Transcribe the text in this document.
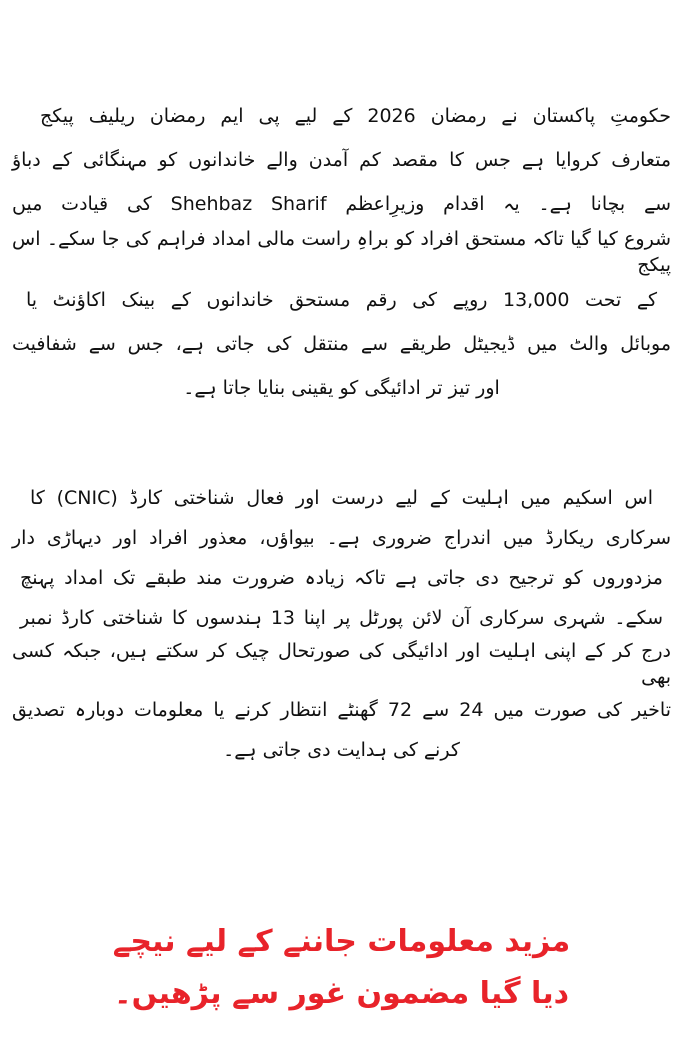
حکومتِ پاکستان نے رمضان 2026 کے لیے پی ایم رمضان ریلیف پیکج
متعارف کروایا ہے جس کا مقصد کم آمدن والے خاندانوں کو مہنگائی کے دباؤ
سے بچانا ہے۔ یہ اقدام وزیرِاعظم Shehbaz Sharif کی قیادت میں
شروع کیا گیا تاکہ مستحق افراد کو براہِ راست مالی امداد فراہم کی جا سکے۔ اس پیکج
کے تحت 13,000 روپے کی رقم مستحق خاندانوں کے بینک اکاؤنٹ یا
موبائل والٹ میں ڈیجیٹل طریقے سے منتقل کی جاتی ہے، جس سے شفافیت
اور تیز تر ادائیگی کو یقینی بنایا جاتا ہے۔
اس اسکیم میں اہلیت کے لیے درست اور فعال شناختی کارڈ (CNIC) کا
سرکاری ریکارڈ میں اندراج ضروری ہے۔ بیواؤں، معذور افراد اور دیہاڑی دار
مزدوروں کو ترجیح دی جاتی ہے تاکہ زیادہ ضرورت مند طبقے تک امداد پہنچ
سکے۔ شہری سرکاری آن لائن پورٹل پر اپنا 13 ہندسوں کا شناختی کارڈ نمبر
درج کر کے اپنی اہلیت اور ادائیگی کی صورتحال چیک کر سکتے ہیں، جبکہ کسی بھی
تاخیر کی صورت میں 24 سے 72 گھنٹے انتظار کرنے یا معلومات دوبارہ تصدیق
کرنے کی ہدایت دی جاتی ہے۔
مزید معلومات جاننے کے لیے نیچے
دیا گیا مضمون غور سے پڑھیں۔
